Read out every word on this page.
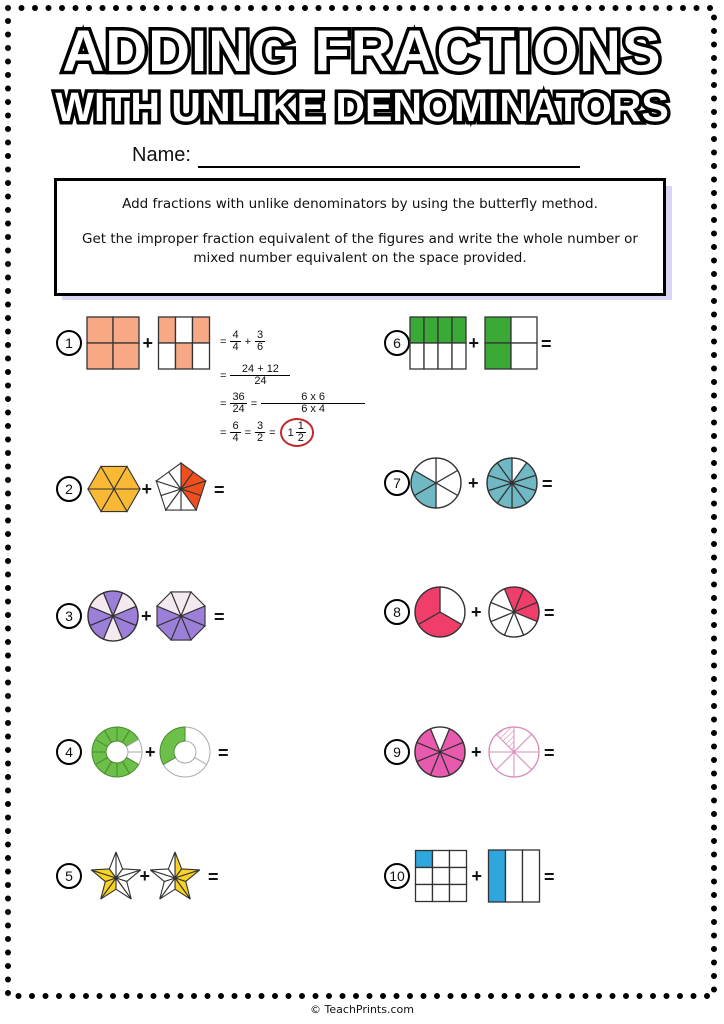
ADDING FRACTIONS
WITH UNLIKE DENOMINATORS
Name:

Add fractions with unlike denominators by using the butterfly method.

Get the improper fraction equivalent of the figures and write the whole number or mixed number equivalent on the space provided.

1	+
2	+	=
3	+	=
4	+	=
5	+	=
6	+	=
7	+	=
8	+	=
9	+	=
10	+	=
= $\frac{4}{4} + \frac{3}{6}$
= $\frac{24 + 12}{24}$
= $\frac{36}{24} = \frac{6 x 6}{6 x 4}$
= $\frac{6}{4} = \frac{3}{2} = 1 \frac{1}{2}$
© TeachPrints.com
